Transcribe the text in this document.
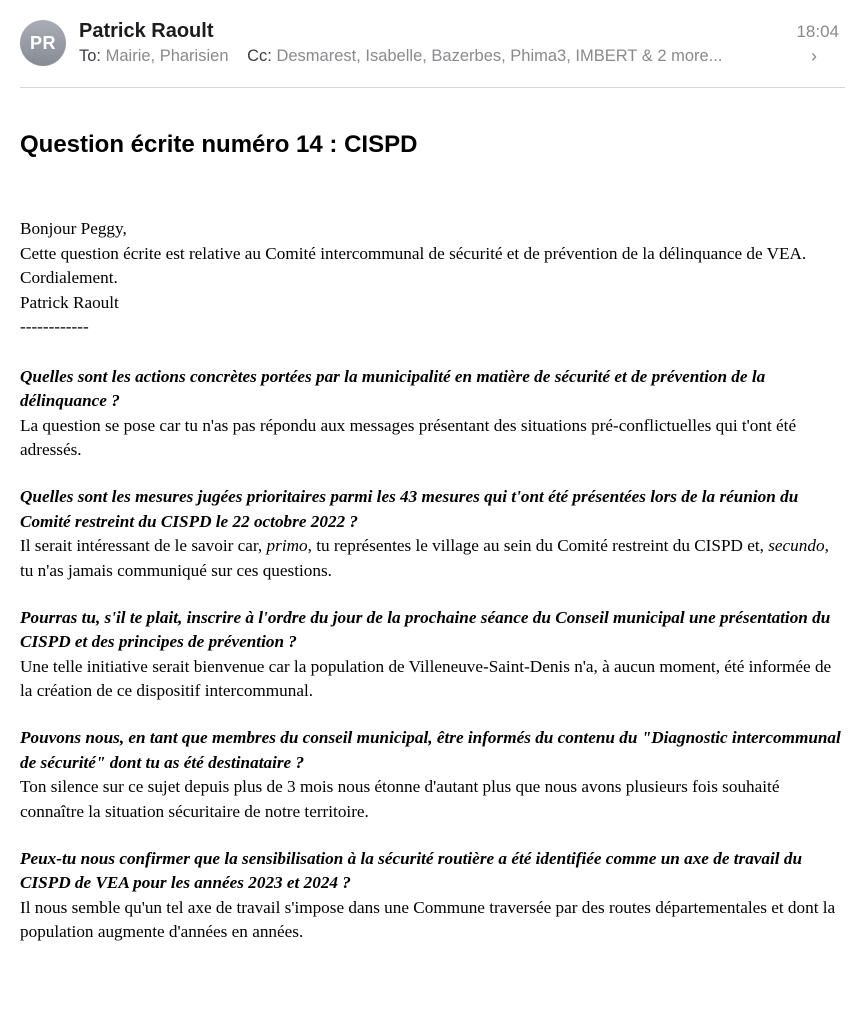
PR
Patrick Raoult	18:04
To: Mairie, Pharisien Cc: Desmarest, Isabelle, Bazerbes, Phima3, IMBERT & 2 more...	›
Question écrite numéro 14 : CISPD

Bonjour Peggy,

Cette question écrite est relative au Comité intercommunal de sécurité et de prévention de la délinquance de VEA.

Cordialement.

Patrick Raoult

------------

Quelles sont les actions concrètes portées par la municipalité en matière de sécurité et de prévention de la délinquance ?

La question se pose car tu n'as pas répondu aux messages présentant des situations pré-conflictuelles qui t'ont été adressés.

Quelles sont les mesures jugées prioritaires parmi les 43 mesures qui t'ont été présentées lors de la réunion du Comité restreint du CISPD le 22 octobre 2022 ?

Il serait intéressant de le savoir car, primo, tu représentes le village au sein du Comité restreint du CISPD et, secundo, tu n'as jamais communiqué sur ces questions.

Pourras tu, s'il te plait, inscrire à l'ordre du jour de la prochaine séance du Conseil municipal une présentation du CISPD et des principes de prévention ?

Une telle initiative serait bienvenue car la population de Villeneuve-Saint-Denis n'a, à aucun moment, été informée de la création de ce dispositif intercommunal.

Pouvons nous, en tant que membres du conseil municipal, être informés du contenu du "Diagnostic intercommunal de sécurité" dont tu as été destinataire ?

Ton silence sur ce sujet depuis plus de 3 mois nous étonne d'autant plus que nous avons plusieurs fois souhaité connaître la situation sécuritaire de notre territoire.

Peux-tu nous confirmer que la sensibilisation à la sécurité routière a été identifiée comme un axe de travail du CISPD de VEA pour les années 2023 et 2024 ?

Il nous semble qu'un tel axe de travail s'impose dans une Commune traversée par des routes départementales et dont la population augmente d'années en années.
